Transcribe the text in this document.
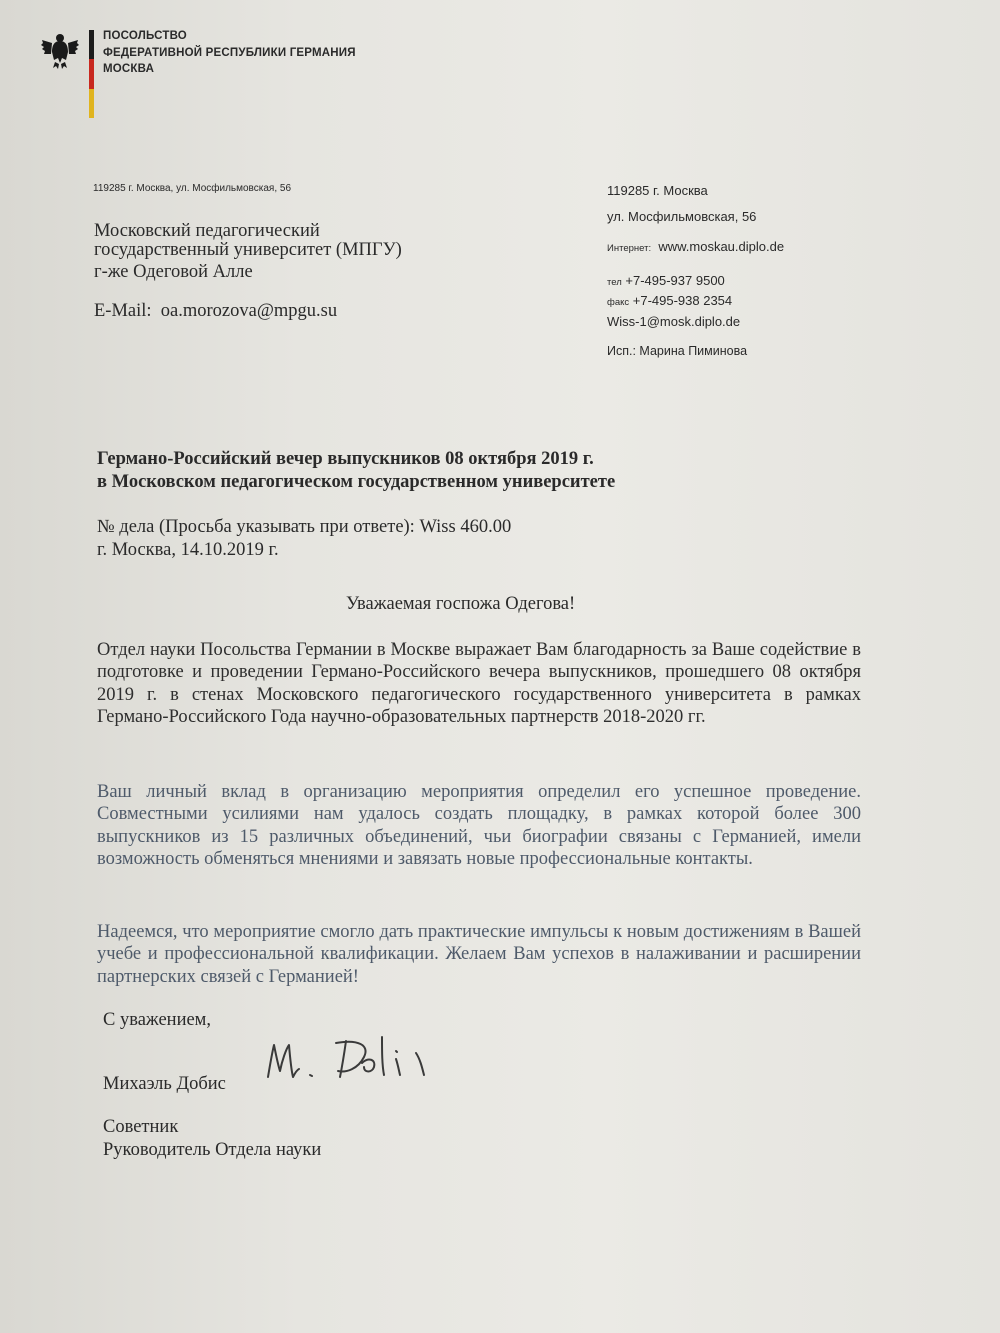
ПОСОЛЬСТВО
ФЕДЕРАТИВНОЙ РЕСПУБЛИКИ ГЕРМАНИЯ
МОСКВА

119285 г. Москва, ул. Мосфильмовская, 56

Московский педагогический

государственный университет (МПГУ)

г-же Одеговой Алле

E-Mail: oa.morozova@mpgu.su

119285 г. Москва

ул. Мосфильмовская, 56

Интернет: www.moskau.diplo.de

тел +7-495-937 9500

факс +7-495-938 2354

Wiss-1@mosk.diplo.de

Исп.: Марина Пиминова

Германо-Российский вечер выпускников 08 октября 2019 г.

в Московском педагогическом государственном университете

№ дела (Просьба указывать при ответе): Wiss 460.00

г. Москва, 14.10.2019 г.

Уважаемая госпожа Одегова!

Отдел науки Посольства Германии в Москве выражает Вам благодарность за Ваше содействие в подготовке и проведении Германо-Российского вечера выпускников, прошедшего 08 октября 2019 г. в стенах Московского педагогического государственного университета в рамках Германо-Российского Года научно-образовательных партнерств 2018-2020 гг.

Ваш личный вклад в организацию мероприятия определил его успешное проведение. Совместными усилиями нам удалось создать площадку, в рамках которой более 300 выпускников из 15 различных объединений, чьи биографии связаны с Германией, имели возможность обменяться мнениями и завязать новые профессиональные контакты.

Надеемся, что мероприятие смогло дать практические импульсы к новым достижениям в Вашей учебе и профессиональной квалификации. Желаем Вам успехов в налаживании и расширении партнерских связей с Германией!

С уважением,

Михаэль Добис

Советник

Руководитель Отдела науки
